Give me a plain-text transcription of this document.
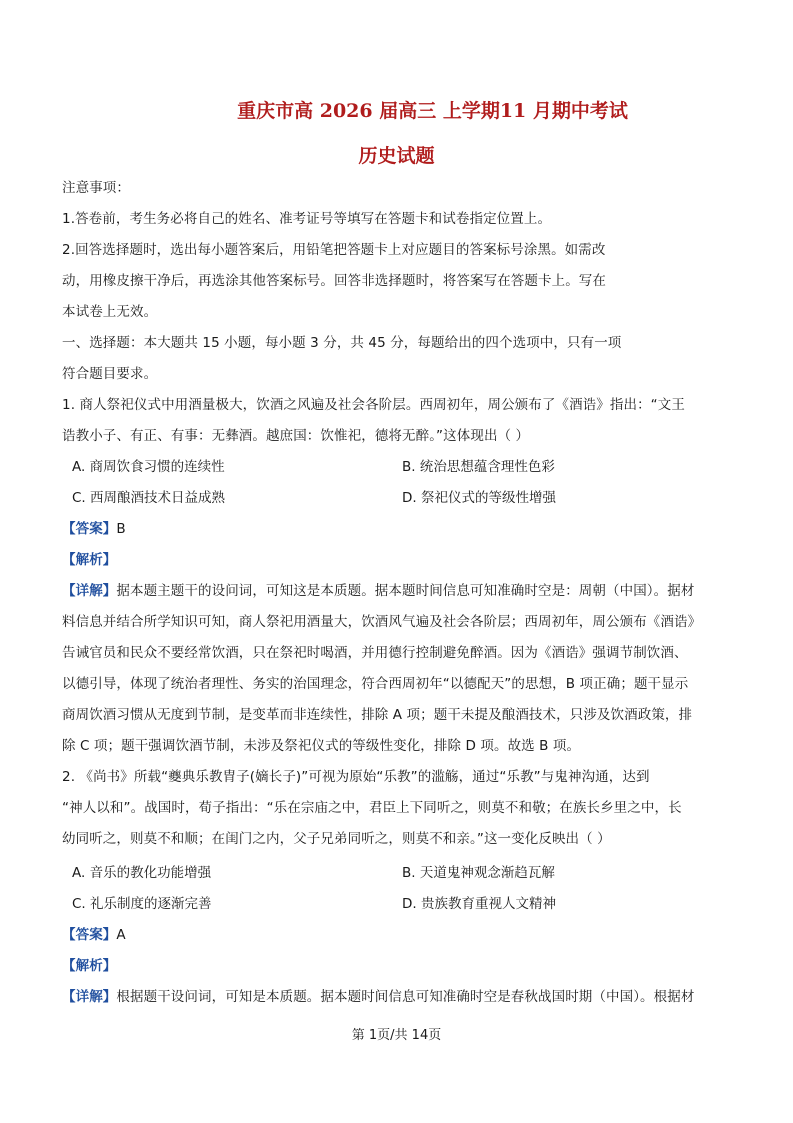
重庆市高 2026 届高三 上学期11 月期中考试
历史试题
注意事项：
1.答卷前，考生务必将自己的姓名、准考证号等填写在答题卡和试卷指定位置上。
2.回答选择题时，选出每小题答案后，用铅笔把答题卡上对应题目的答案标号涂黑。如需改
动，用橡皮擦干净后，再选涂其他答案标号。回答非选择题时，将答案写在答题卡上。写在
本试卷上无效。
一、选择题：本大题共 15 小题，每小题 3 分，共 45 分，每题给出的四个选项中，只有一项
符合题目要求。
1. 商人祭祀仪式中用酒量极大，饮酒之风遍及社会各阶层。西周初年，周公颁布了《酒诰》指出：“文王
诰教小子、有正、有事：无彝酒。越庶国：饮惟祀，德将无醉。”这体现出（ ）
A. 商周饮食习惯的连续性	B. 统治思想蕴含理性色彩
C. 西周酿酒技术日益成熟	D. 祭祀仪式的等级性增强
【答案】B
【解析】
【详解】据本题主题干的设问词，可知这是本质题。据本题时间信息可知准确时空是：周朝（中国）。据材
料信息并结合所学知识可知，商人祭祀用酒量大，饮酒风气遍及社会各阶层；西周初年，周公颁布《酒诰》
告诫官员和民众不要经常饮酒，只在祭祀时喝酒，并用德行控制避免醉酒。因为《酒诰》强调节制饮酒、
以德引导，体现了统治者理性、务实的治国理念，符合西周初年“以德配天”的思想，B 项正确；题干显示
商周饮酒习惯从无度到节制，是变革而非连续性，排除 A 项；题干未提及酿酒技术，只涉及饮酒政策，排
除 C 项；题干强调饮酒节制，未涉及祭祀仪式的等级性变化，排除 D 项。故选 B 项。
2. 《尚书》所载“夔典乐教胄子(嫡长子)”可视为原始“乐教”的滥觞，通过“乐教”与鬼神沟通，达到
“神人以和”。战国时，荀子指出：“乐在宗庙之中，君臣上下同听之，则莫不和敬；在族长乡里之中，长
幼同听之，则莫不和顺；在闺门之内，父子兄弟同听之，则莫不和亲。”这一变化反映出（ ）
A. 音乐的教化功能增强	B. 天道鬼神观念渐趋瓦解
C. 礼乐制度的逐渐完善	D. 贵族教育重视人文精神
【答案】A
【解析】
【详解】根据题干设问词，可知是本质题。据本题时间信息可知准确时空是春秋战国时期（中国）。根据材
第 1页/共 14页
